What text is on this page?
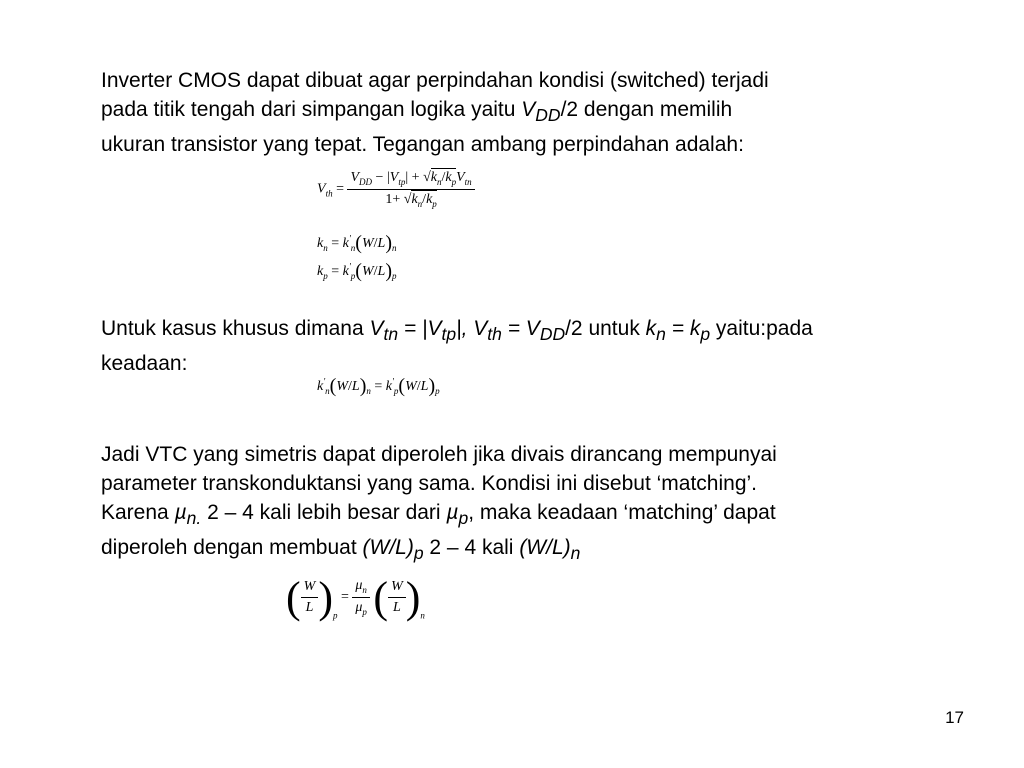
Inverter CMOS dapat dibuat agar perpindahan kondisi (switched) terjadi
pada titik tengah dari simpangan logika yaitu $V_{DD}/2$ dengan memilih
ukuran transistor yang tepat. Tegangan ambang perpindahan adalah:
$V_{th} = \frac{V_{DD} - |V_{tp}| + √k_n/k_pV_{tn}}{1+ √k_n/k_p}$
$k_n = k'_n(W/L)_n$
$k_p = k'_p(W/L)_p$
Untuk kasus khusus dimana $V_{tn} = |V_{tp}|$, $V_{th} = V_{DD}/2$ untuk $k_n = k_p$ yaitu:pada
keadaan:
$k'_n(W/L)_n = k'_p(W/L)_p$
Jadi VTC yang simetris dapat diperoleh jika divais dirancang mempunyai
parameter transkonduktansi yang sama. Kondisi ini disebut ‘matching’.
Karena µ$_{n.}$ 2 – 4 kali lebih besar dari µ$_p$, maka keadaan ‘matching’ dapat
diperoleh dengan membuat $(W/L)_p$ 2 – 4 kali $(W/L)_n$
( $\frac{W}{L} )_p = \frac{\mu_n}{\mu_p}$ ( $\frac{W}{L} )_n$
17
